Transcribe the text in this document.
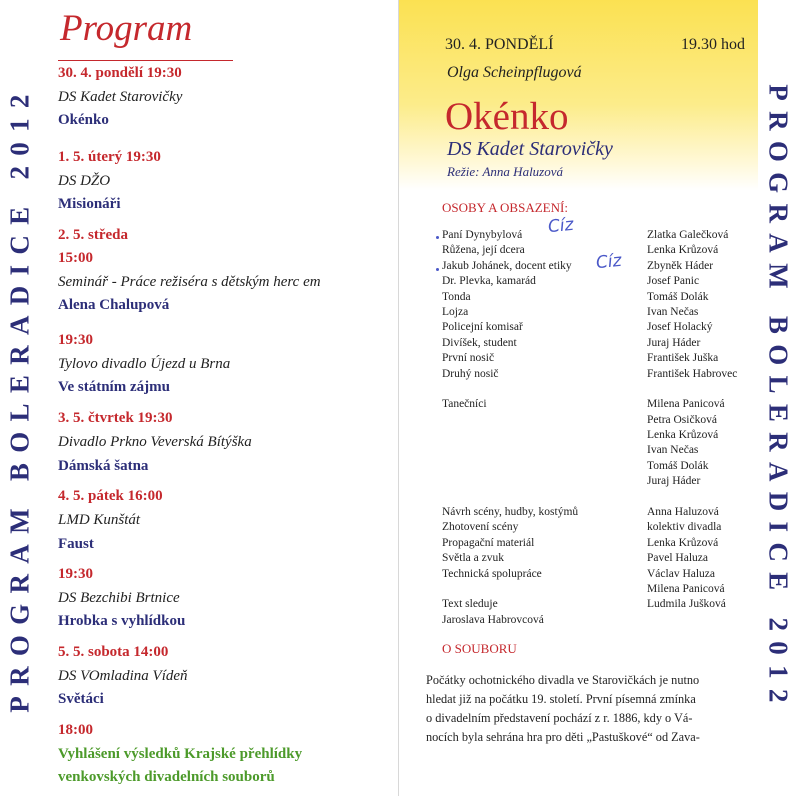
PROGRAM BOLERADICE 2012
Program
30. 4. pondělí 19:30
DS Kadet Starovičky
Okénko
1. 5. úterý 19:30
DS DŽO
Misionáři
2. 5. středa
15:00
Seminář - Práce režiséra s dětským herc em
Alena Chalupová
19:30
Tylovo divadlo Újezd u Brna
Ve státním zájmu
3. 5. čtvrtek 19:30
Divadlo Prkno Veverská Bítýška
Dámská šatna
4. 5. pátek 16:00
LMD Kunštát
Faust
19:30
DS Bezchibi Brtnice
Hrobka s vyhlídkou
5. 5. sobota 14:00
DS VOmladina Vídeň
Světáci
18:00
Vyhlášení výsledků Krajské přehlídky
venkovských divadelních souborů
30. 4. PONDĚLÍ	19.30 hod
Olga Scheinpflugová
Okénko
DS Kadet Starovičky
Režie: Anna Haluzová
OSOBY A OBSAZENÍ:
Paní Dynybylová
Růžena, její dcera
Jakub Johánek, docent etiky
Dr. Plevka, kamarád
Tonda
Lojza
Policejní komisař
Divíšek, student
První nosič
Druhý nosič
Tanečníci
Návrh scény, hudby, kostýmů
Zhotovení scény
Propagační materiál
Světla a zvuk
Technická spolupráce
Text sleduje
Jaroslava Habrovcová
Zlatka Galečková
Lenka Krůzová
Zbyněk Háder
Josef Panic
Tomáš Dolák
Ivan Nečas
Josef Holacký
Juraj Háder
František Juška
František Habrovec
Milena Panicová
Petra Osičková
Lenka Krůzová
Ivan Nečas
Tomáš Dolák
Juraj Háder
Anna Haluzová
kolektiv divadla
Lenka Krůzová
Pavel Haluza
Václav Haluza
Milena Panicová
Ludmila Jušková
O SOUBORU
Počátky ochotnického divadla ve Starovičkách je nutno
hledat již na počátku 19. století. První písemná zmínka
o divadelním představení pochází z r. 1886, kdy o Vá-
nocích byla sehrána hra pro děti „Pastuškové“ od Zava-
Cíz
Cíz	PROGRAM BOLERADICE 2012
